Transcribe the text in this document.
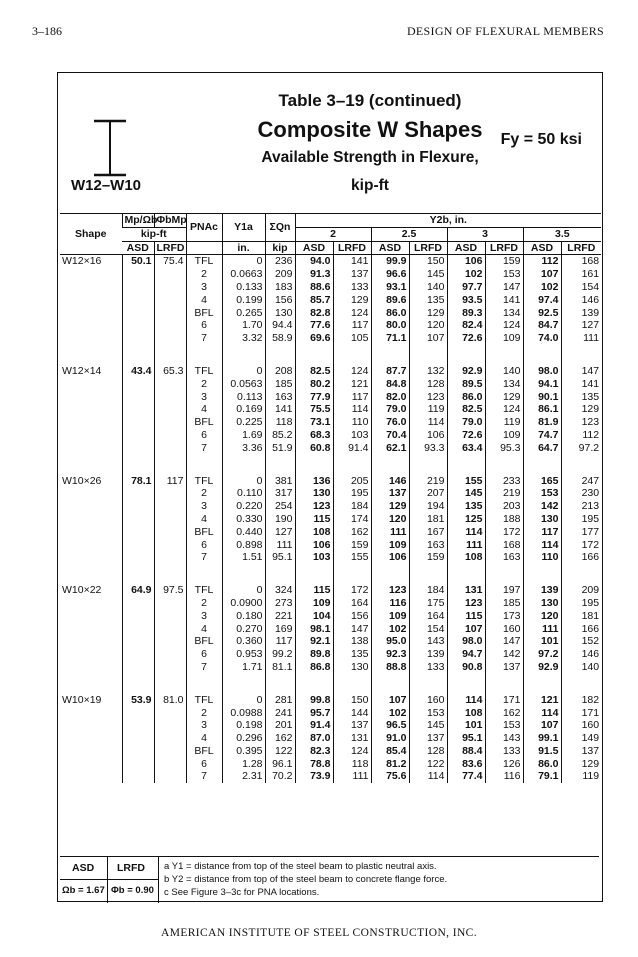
3–186	DESIGN OF FLEXURAL MEMBERS
Table 3–19 (continued)
Composite W Shapes
Available Strength in Flexure,
kip-ft
Fy = 50 ksi
W12–W10
Shape	Mp/Ωb	ΦbMp	PNAc	Y1a	ΣQn	Y2b, in.							
	kip-ft					2		2.5		3		3.5	
	ASD	LRFD		in.	kip	ASD	LRFD	ASD	LRFD	ASD	LRFD	ASD	LRFD
W12×16	50.1	75.4	TFL	0	236	94.0	141	99.9	150	106	159	112	168
			2	0.0663	209	91.3	137	96.6	145	102	153	107	161
			3	0.133	183	88.6	133	93.1	140	97.7	147	102	154
			4	0.199	156	85.7	129	89.6	135	93.5	141	97.4	146
			BFL	0.265	130	82.8	124	86.0	129	89.3	134	92.5	139
			6	1.70	94.4	77.6	117	80.0	120	82.4	124	84.7	127
			7	3.32	58.9	69.6	105	71.1	107	72.6	109	74.0	111

W12×14	43.4	65.3	TFL	0	208	82.5	124	87.7	132	92.9	140	98.0	147
			2	0.0563	185	80.2	121	84.8	128	89.5	134	94.1	141
			3	0.113	163	77.9	117	82.0	123	86.0	129	90.1	135
			4	0.169	141	75.5	114	79.0	119	82.5	124	86.1	129
			BFL	0.225	118	73.1	110	76.0	114	79.0	119	81.9	123
			6	1.69	85.2	68.3	103	70.4	106	72.6	109	74.7	112
			7	3.36	51.9	60.8	91.4	62.1	93.3	63.4	95.3	64.7	97.2

W10×26	78.1	117	TFL	0	381	136	205	146	219	155	233	165	247
			2	0.110	317	130	195	137	207	145	219	153	230
			3	0.220	254	123	184	129	194	135	203	142	213
			4	0.330	190	115	174	120	181	125	188	130	195
			BFL	0.440	127	108	162	111	167	114	172	117	177
			6	0.898	111	106	159	109	163	111	168	114	172
			7	1.51	95.1	103	155	106	159	108	163	110	166

W10×22	64.9	97.5	TFL	0	324	115	172	123	184	131	197	139	209
			2	0.0900	273	109	164	116	175	123	185	130	195
			3	0.180	221	104	156	109	164	115	173	120	181
			4	0.270	169	98.1	147	102	154	107	160	111	166
			BFL	0.360	117	92.1	138	95.0	143	98.0	147	101	152
			6	0.953	99.2	89.8	135	92.3	139	94.7	142	97.2	146
			7	1.71	81.1	86.8	130	88.8	133	90.8	137	92.9	140

W10×19	53.9	81.0	TFL	0	281	99.8	150	107	160	114	171	121	182
			2	0.0988	241	95.7	144	102	153	108	162	114	171
			3	0.198	201	91.4	137	96.5	145	101	153	107	160
			4	0.296	162	87.0	131	91.0	137	95.1	143	99.1	149
			BFL	0.395	122	82.3	124	85.4	128	88.4	133	91.5	137
			6	1.28	96.1	78.8	118	81.2	122	83.6	126	86.0	129
			7	2.31	70.2	73.9	111	75.6	114	77.4	116	79.1	119
ASD LRFD
Ωb = 1.67 Φb = 0.90
a Y1 = distance from top of the steel beam to plastic neutral axis.
b Y2 = distance from top of the steel beam to concrete flange force.
c See Figure 3–3c for PNA locations.
AMERICAN INSTITUTE OF STEEL CONSTRUCTION, INC.
